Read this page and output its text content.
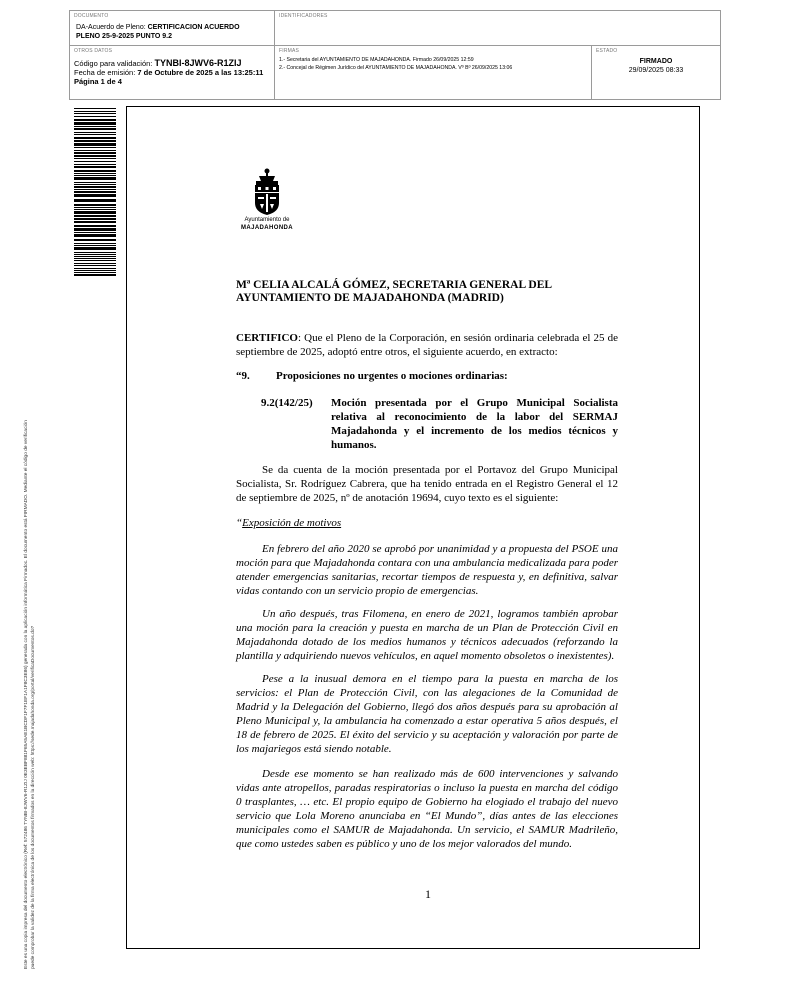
DOCUMENTO
DA-Acuerdo de Pleno: CERTIFICACION ACUERDO
PLENO 25-9-2025 PUNTO 9.2
IDENTIFICADORES
OTROS DATOS
Código para validación: TYNBI-8JWV6-R1ZIJ
Fecha de emisión: 7 de Octubre de 2025 a las 13:25:11
Página 1 de 4
FIRMAS
1.- Secretaria del AYUNTAMIENTO DE MAJADAHONDA. Firmado 26/09/2025 12:59
2.- Concejal de Régimen Jurídico del AYUNTAMIENTO DE MAJADAHONDA. Vº Bº 26/09/2025 13:06
ESTADO
FIRMADO
29/09/2025 08:33
Este es una copia impresa del documento electrónico (Ref: 572486 TYNBI-8JWV6-R1ZIJ 0E3EBF881F65A5AE1BCDF1F7F1EF1A1F8C3E86) generada con la aplicación informática Firmadoc. El documento está FIRMADO. Mediante el código de verificación puede comprobar la validez de la firma electrónica de los documentos firmados en la dirección web: https://sede.majadahonda.org/portal/verificaDocumentos.do?
Ayuntamiento de
MAJADAHONDA
Mª CELIA ALCALÁ GÓMEZ, SECRETARIA GENERAL DEL
AYUNTAMIENTO DE MAJADAHONDA (MADRID)
CERTIFICO: Que el Pleno de la Corporación, en sesión ordinaria celebrada el 25 de septiembre de 2025, adoptó entre otros, el siguiente acuerdo, en extracto:
“9. Proposiciones no urgentes o mociones ordinarias:
9.2(142/25) Moción presentada por el Grupo Municipal Socialista relativa al reconocimiento de la labor del SERMAJ Majadahonda y el incremento de los medios técnicos y humanos.
Se da cuenta de la moción presentada por el Portavoz del Grupo Municipal Socialista, Sr. Rodríguez Cabrera, que ha tenido entrada en el Registro General el 12 de septiembre de 2025, nº de anotación 19694, cuyo texto es el siguiente:
“Exposición de motivos
En febrero del año 2020 se aprobó por unanimidad y a propuesta del PSOE una moción para que Majadahonda contara con una ambulancia medicalizada para poder atender emergencias sanitarias, recortar tiempos de respuesta y, en definitiva, salvar vidas contando con un servicio propio de emergencias.
Un año después, tras Filomena, en enero de 2021, logramos también aprobar una moción para la creación y puesta en marcha de un Plan de Protección Civil en Majadahonda dotado de los medios humanos y técnicos adecuados (reforzando la plantilla y adquiriendo nuevos vehículos, en aquel momento obsoletos o inexistentes).
Pese a la inusual demora en el tiempo para la puesta en marcha de los servicios: el Plan de Protección Civil, con las alegaciones de la Comunidad de Madrid y la Delegación del Gobierno, llegó dos años después para su aprobación al Pleno Municipal y, la ambulancia ha comenzado a estar operativa 5 años después, el 18 de febrero de 2025. El éxito del servicio y su aceptación y valoración por parte de los majariegos está siendo notable.
Desde ese momento se han realizado más de 600 intervenciones y salvando vidas ante atropellos, paradas respiratorias o incluso la puesta en marcha del código 0 trasplantes, … etc. El propio equipo de Gobierno ha elogiado el trabajo del nuevo servicio que Lola Moreno anunciaba en “El Mundo”, días antes de las elecciones municipales como el SAMUR de Majadahonda. Un servicio, el SAMUR Madrileño, que como ustedes saben es público y uno de los mejor valorados del mundo.
1
